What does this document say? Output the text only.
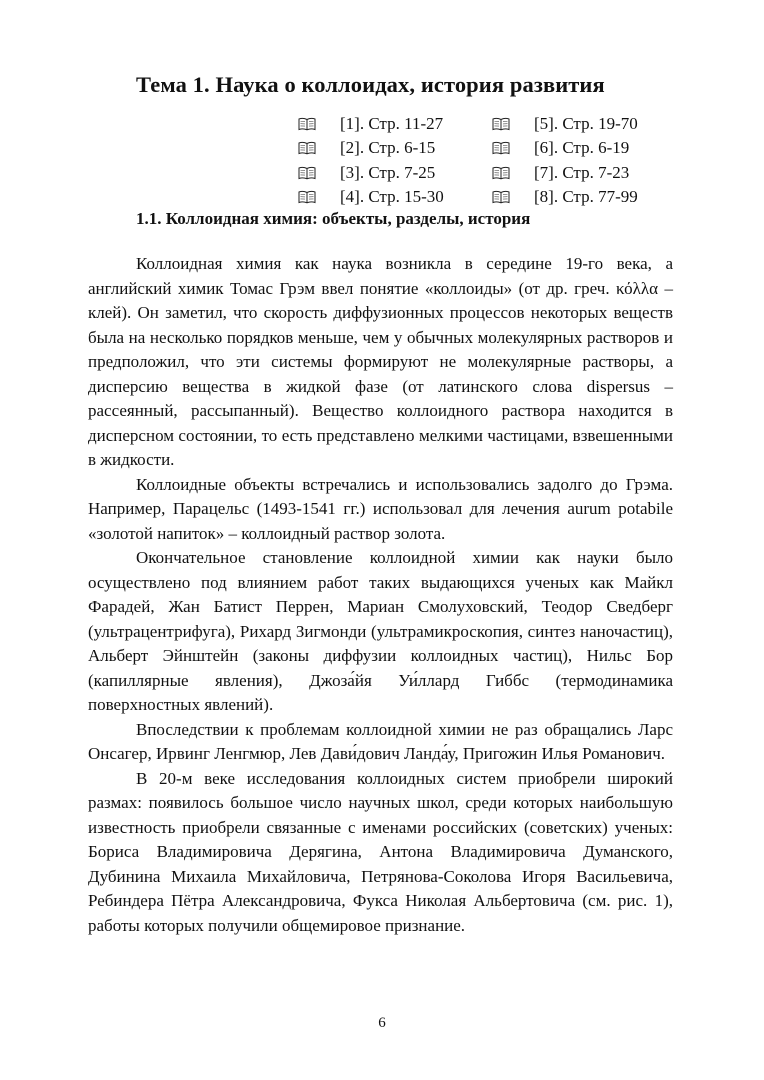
Тема 1. Наука о коллоидах, история развития
[1]. Стр. 11-27
[2]. Стр. 6-15
[3]. Стр. 7-25
[4]. Стр. 15-30
[5]. Стр. 19-70
[6]. Стр. 6-19
[7]. Стр. 7-23
[8]. Стр. 77-99
1.1. Коллоидная химия: объекты, разделы, история

Коллоидная химия как наука возникла в середине 19-го века, а английский химик Томас Грэм ввел понятие «коллоиды» (от др. греч. κόλλα – клей). Он заметил, что скорость диффузионных процессов некоторых веществ была на несколько порядков меньше, чем у обычных молекулярных растворов и предположил, что эти системы формируют не молекулярные растворы, а дисперсию вещества в жидкой фазе (от латинского слова dispersus – рассеянный, рассыпанный). Вещество коллоидного раствора находится в дисперсном состоянии, то есть представлено мелкими частицами, взвешенными в жидкости.

Коллоидные объекты встречались и использовались задолго до Грэма. Например, Парацельс (1493-1541 гг.) использовал для лечения aurum potabile «золотой напиток» – коллоидный раствор золота.

Окончательное становление коллоидной химии как науки было осуществлено под влиянием работ таких выдающихся ученых как Майкл Фарадей, Жан Батист Перрен, Мариан Смолуховский, Теодор Сведберг (ультрацентрифуга), Рихард Зигмонди (ультрамикроскопия, синтез наночастиц), Альберт Эйнштейн (законы диффузии коллоидных частиц), Нильс Бор (капиллярные явления), Джоза́йя Уи́ллард Гиббс (термодинамика поверхностных явлений).

Впоследствии к проблемам коллоидной химии не раз обращались Ларс Онсагер, Ирвинг Ленгмюр, Лев Дави́дович Ланда́у, Пригожин Илья Романович.

В 20-м веке исследования коллоидных систем приобрели широкий размах: появилось большое число научных школ, среди которых наибольшую известность приобрели связанные с именами российских (советских) ученых: Бориса Владимировича Дерягина, Антона Владимировича Думанского, Дубинина Михаила Михайловича, Петрянова-Соколова Игоря Васильевича, Ребиндера Пётра Александровича, Фукса Николая Альбертовича (см. рис. 1), работы которых получили общемировое признание.

6
